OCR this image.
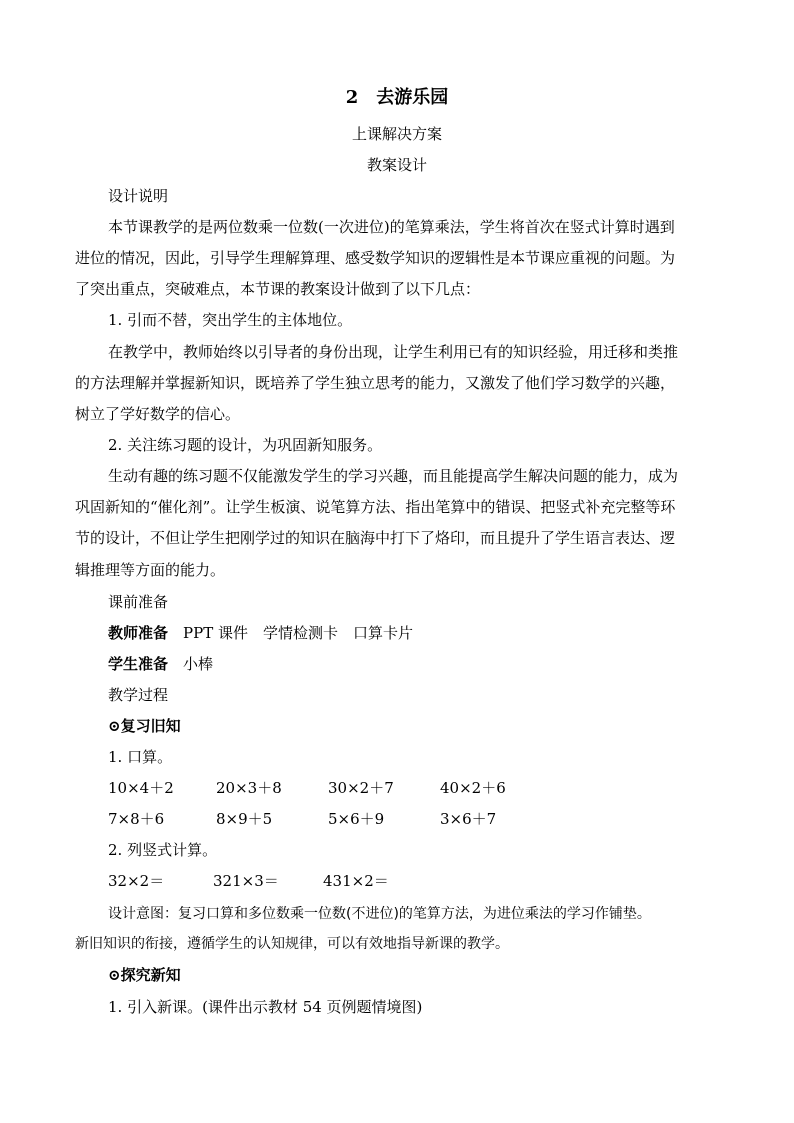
2　去游乐园
上课解决方案
教案设计
设计说明
本节课教学的是两位数乘一位数(一次进位)的笔算乘法，学生将首次在竖式计算时遇到
进位的情况，因此，引导学生理解算理、感受数学知识的逻辑性是本节课应重视的问题。为
了突出重点，突破难点，本节课的教案设计做到了以下几点：
1. 引而不替，突出学生的主体地位。
在教学中，教师始终以引导者的身份出现，让学生利用已有的知识经验，用迁移和类推
的方法理解并掌握新知识，既培养了学生独立思考的能力，又激发了他们学习数学的兴趣，
树立了学好数学的信心。
2. 关注练习题的设计，为巩固新知服务。
生动有趣的练习题不仅能激发学生的学习兴趣，而且能提高学生解决问题的能力，成为
巩固新知的“催化剂”。让学生板演、说笔算方法、指出笔算中的错误、把竖式补充完整等环
节的设计，不但让学生把刚学过的知识在脑海中打下了烙印，而且提升了学生语言表达、逻
辑推理等方面的能力。
课前准备
教师准备　 PPT 课件　学情检测卡　口算卡片
学生准备　 小棒
教学过程
⊙复习旧知
1. 口算。
10×4＋2	20×3＋8	30×2＋7	40×2＋6
7×8＋6	8×9＋5	5×6＋9	3×6＋7
2. 列竖式计算。
32×2＝	321×3＝	431×2＝
设计意图：复习口算和多位数乘一位数(不进位)的笔算方法，为进位乘法的学习作铺垫。
新旧知识的衔接，遵循学生的认知规律，可以有效地指导新课的教学。
⊙探究新知
1. 引入新课。(课件出示教材 54 页例题情境图)
